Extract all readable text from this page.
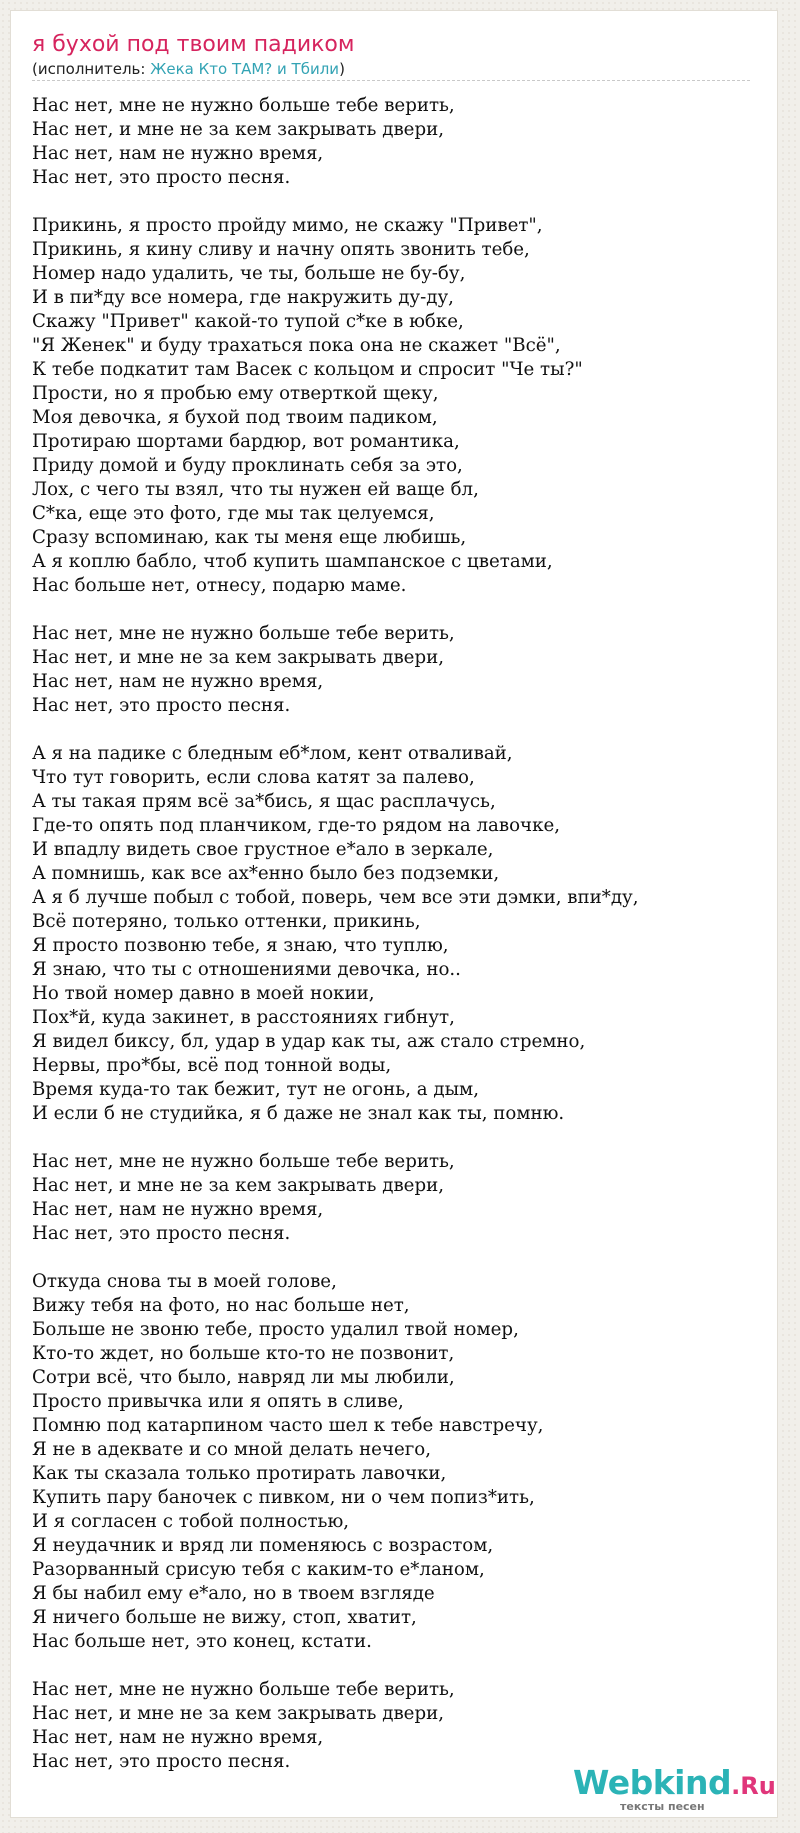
я бухой под твоим падиком
(исполнитель: Жека Кто ТАМ? и Тбили)
Нас нет, мне не нужно больше тебе верить,
Нас нет, и мне не за кем закрывать двери,
Нас нет, нам не нужно время,
Нас нет, это просто песня.

Прикинь, я просто пройду мимо, не скажу "Привет",
Прикинь, я кину сливу и начну опять звонить тебе,
Номер надо удалить, че ты, больше не бу-бу,
И в пи*ду все номера, где накружить ду-ду,
Скажу "Привет" какой-то тупой с*ке в юбке,
"Я Женек" и буду трахаться пока она не скажет "Всё",
К тебе подкатит там Васек с кольцом и спросит "Че ты?"
Прости, но я пробью ему отверткой щеку,
Моя девочка, я бухой под твоим падиком,
Протираю шортами бардюр, вот романтика,
Приду домой и буду проклинать себя за это,
Лох, с чего ты взял, что ты нужен ей ваще бл,
С*ка, еще это фото, где мы так целуемся,
Сразу вспоминаю, как ты меня еще любишь,
А я коплю бабло, чтоб купить шампанское с цветами,
Нас больше нет, отнесу, подарю маме.

Нас нет, мне не нужно больше тебе верить,
Нас нет, и мне не за кем закрывать двери,
Нас нет, нам не нужно время,
Нас нет, это просто песня.

А я на падике с бледным еб*лом, кент отваливай,
Что тут говорить, если слова катят за палево,
А ты такая прям всё за*бись, я щас расплачусь,
Где-то опять под планчиком, где-то рядом на лавочке,
И впадлу видеть свое грустное е*ало в зеркале,
А помнишь, как все ах*енно было без подземки,
А я б лучше побыл с тобой, поверь, чем все эти дэмки, впи*ду,
Всё потеряно, только оттенки, прикинь,
Я просто позвоню тебе, я знаю, что туплю,
Я знаю, что ты с отношениями девочка, но..
Но твой номер давно в моей нокии,
Пох*й, куда закинет, в расстояниях гибнут,
Я видел биксу, бл, удар в удар как ты, аж стало стремно,
Нервы, про*бы, всё под тонной воды,
Время куда-то так бежит, тут не огонь, а дым,
И если б не студийка, я б даже не знал как ты, помню.

Нас нет, мне не нужно больше тебе верить,
Нас нет, и мне не за кем закрывать двери,
Нас нет, нам не нужно время,
Нас нет, это просто песня.

Откуда снова ты в моей голове,
Вижу тебя на фото, но нас больше нет,
Больше не звоню тебе, просто удалил твой номер,
Кто-то ждет, но больше кто-то не позвонит,
Сотри всё, что было, навряд ли мы любили,
Просто привычка или я опять в сливе,
Помню под катарпином часто шел к тебе навстречу,
Я не в адеквате и со мной делать нечего,
Как ты сказала только протирать лавочки,
Купить пару баночек с пивком, ни о чем попиз*ить,
И я согласен с тобой полностью,
Я неудачник и вряд ли поменяюсь с возрастом,
Разорванный срисую тебя с каким-то е*ланом,
Я бы набил ему е*ало, но в твоем взгляде
Я ничего больше не вижу, стоп, хватит,
Нас больше нет, это конец, кстати.

Нас нет, мне не нужно больше тебе верить,
Нас нет, и мне не за кем закрывать двери,
Нас нет, нам не нужно время,
Нас нет, это просто песня.
Webkind.Ru
тексты песен
